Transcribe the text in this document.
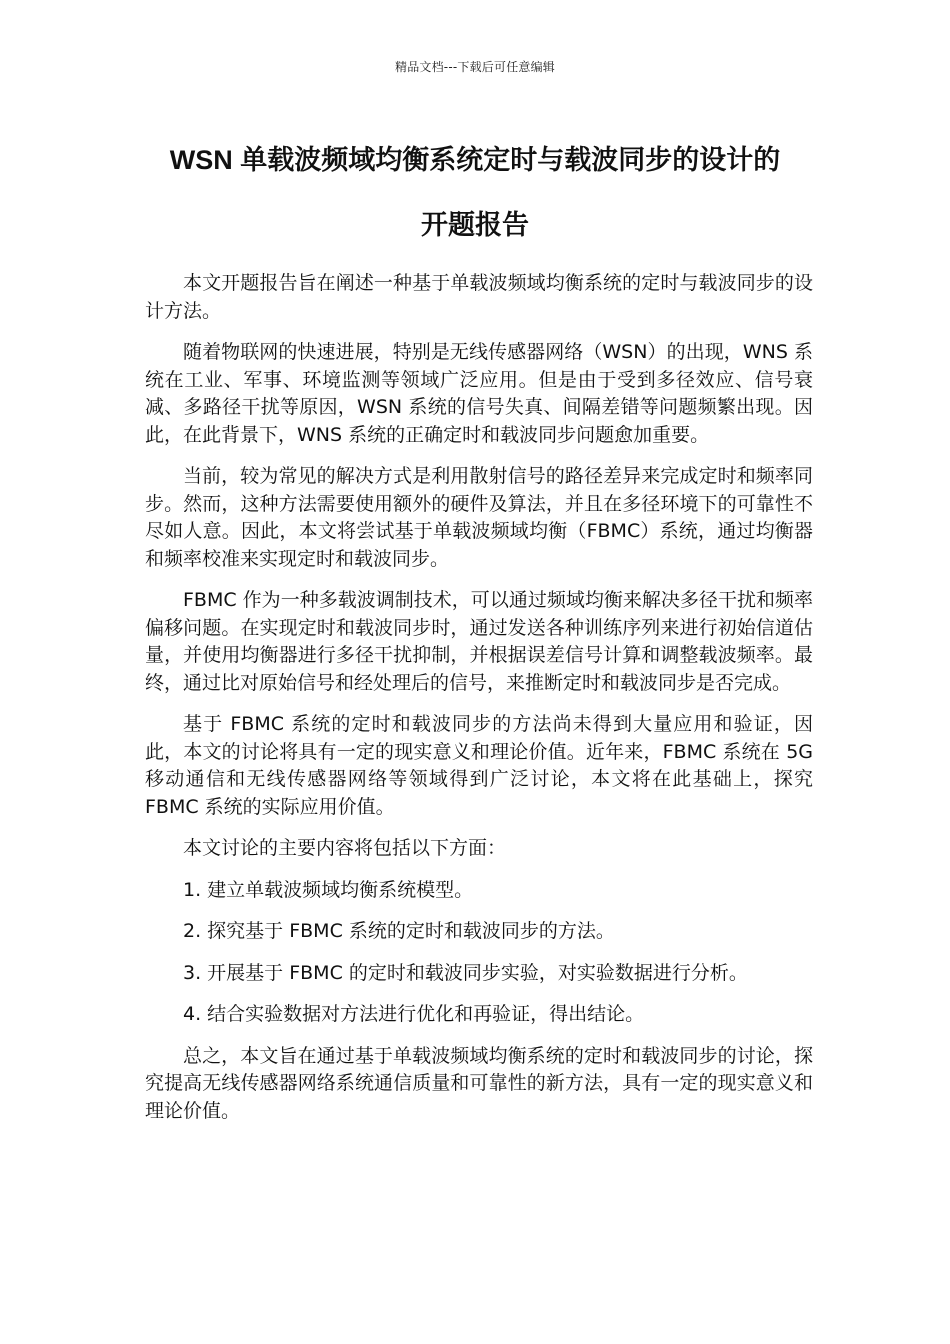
精品文档---下载后可任意编辑
WSN 单载波频域均衡系统定时与载波同步的设计的
开题报告

本文开题报告旨在阐述一种基于单载波频域均衡系统的定时与载波同步的设计方法。

随着物联网的快速进展，特别是无线传感器网络（WSN）的出现，WNS 系统在工业、军事、环境监测等领域广泛应用。但是由于受到多径效应、信号衰减、多路径干扰等原因，WSN 系统的信号失真、间隔差错等问题频繁出现。因此，在此背景下，WNS 系统的正确定时和载波同步问题愈加重要。

当前，较为常见的解决方式是利用散射信号的路径差异来完成定时和频率同步。然而，这种方法需要使用额外的硬件及算法，并且在多径环境下的可靠性不尽如人意。因此，本文将尝试基于单载波频域均衡（FBMC）系统，通过均衡器和频率校准来实现定时和载波同步。

FBMC 作为一种多载波调制技术，可以通过频域均衡来解决多径干扰和频率偏移问题。在实现定时和载波同步时，通过发送各种训练序列来进行初始信道估量，并使用均衡器进行多径干扰抑制，并根据误差信号计算和调整载波频率。最终，通过比对原始信号和经处理后的信号，来推断定时和载波同步是否完成。

基于 FBMC 系统的定时和载波同步的方法尚未得到大量应用和验证，因此，本文的讨论将具有一定的现实意义和理论价值。近年来，FBMC 系统在 5G 移动通信和无线传感器网络等领域得到广泛讨论，本文将在此基础上，探究 FBMC 系统的实际应用价值。

本文讨论的主要内容将包括以下方面：

1. 建立单载波频域均衡系统模型。
2. 探究基于 FBMC 系统的定时和载波同步的方法。
3. 开展基于 FBMC 的定时和载波同步实验，对实验数据进行分析。
4. 结合实验数据对方法进行优化和再验证，得出结论。

总之，本文旨在通过基于单载波频域均衡系统的定时和载波同步的讨论，探究提高无线传感器网络系统通信质量和可靠性的新方法，具有一定的现实意义和理论价值。
